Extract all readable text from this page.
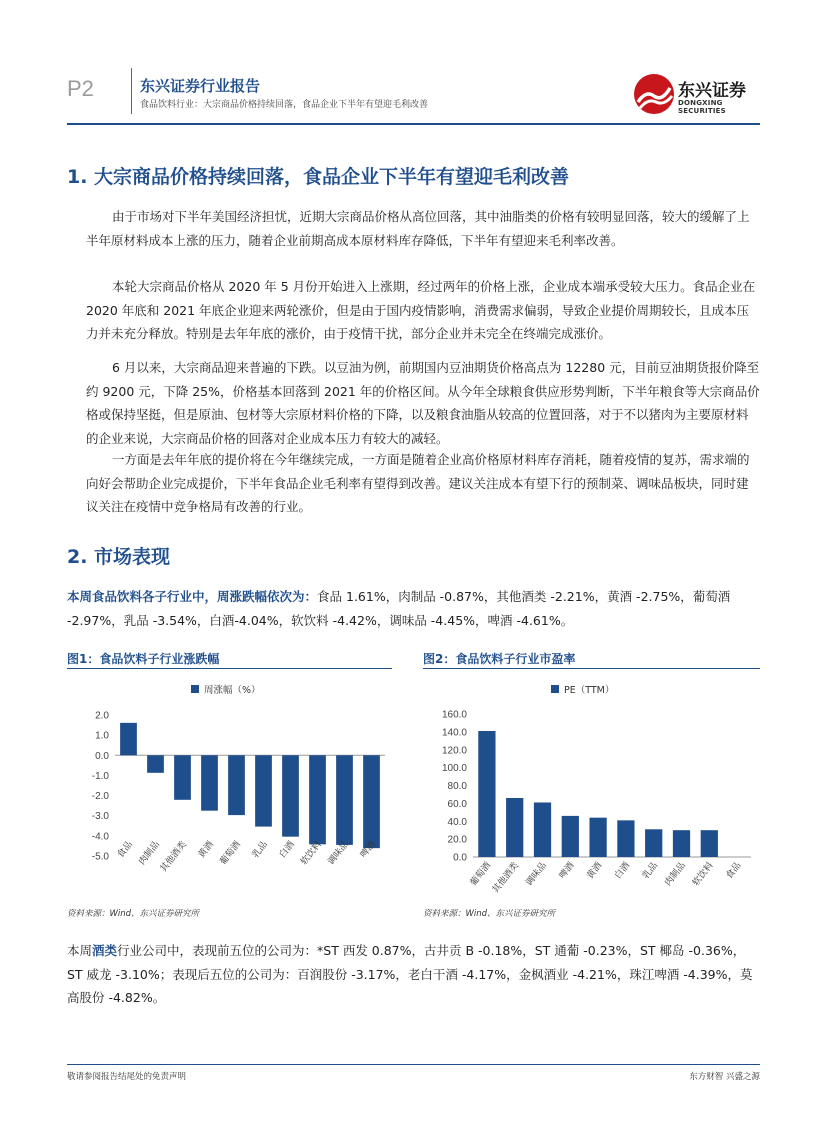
P2	东兴证券行业报告
食品饮料行业：大宗商品价格持续回落，食品企业下半年有望迎毛利改善
东兴证券
DONGXING SECURITIES
1. 大宗商品价格持续回落，食品企业下半年有望迎毛利改善

由于市场对下半年美国经济担忧，近期大宗商品价格从高位回落，其中油脂类的价格有较明显回落，较大的缓解了上半年原材料成本上涨的压力，随着企业前期高成本原材料库存降低，下半年有望迎来毛利率改善。

本轮大宗商品价格从 2020 年 5 月份开始进入上涨期，经过两年的价格上涨，企业成本端承受较大压力。食品企业在 2020 年底和 2021 年底企业迎来两轮涨价，但是由于国内疫情影响，消费需求偏弱，导致企业提价周期较长，且成本压力并未充分释放。特别是去年年底的涨价，由于疫情干扰，部分企业并未完全在终端完成涨价。

6 月以来，大宗商品迎来普遍的下跌。以豆油为例，前期国内豆油期货价格高点为 12280 元，目前豆油期货报价降至约 9200 元，下降 25%，价格基本回落到 2021 年的价格区间。从今年全球粮食供应形势判断，下半年粮食等大宗商品价格或保持坚挺，但是原油、包材等大宗原材料价格的下降，以及粮食油脂从较高的位置回落，对于不以猪肉为主要原材料的企业来说，大宗商品价格的回落对企业成本压力有较大的减轻。

一方面是去年年底的提价将在今年继续完成，一方面是随着企业高价格原材料库存消耗，随着疫情的复苏，需求端的向好会帮助企业完成提价，下半年食品企业毛利率有望得到改善。建议关注成本有望下行的预制菜、调味品板块，同时建议关注在疫情中竞争格局有改善的行业。

2. 市场表现

本周食品饮料各子行业中，周涨跌幅依次为：食品 1.61%，肉制品 -0.87%，其他酒类 -2.21%，黄酒 -2.75%，葡萄酒 -2.97%，乳品 -3.54%，白酒-4.04%，软饮料 -4.42%，调味品 -4.45%，啤酒 -4.61%。

图1：食品饮料子行业涨跌幅
周涨幅（%）
2.0
1.0
0.0
-1.0
-2.0
-3.0
-4.0
-5.0 食品 肉制品
其他酒类 黄酒 葡萄酒 乳品 白酒 软饮料 调味品 啤酒
资料来源：Wind、东兴证券研究所
图2：食品饮料子行业市盈率
PE（TTM）
160.0
140.0
120.0
100.0
80.0
60.0
40.0
20.0
0.0
葡萄酒
其他酒类 调味品 啤酒 黄酒 白酒 乳品 肉制品 软饮料 食品
资料来源：Wind、东兴证券研究所

本周酒类行业公司中，表现前五位的公司为：*ST 西发 0.87%，古井贡 B -0.18%，ST 通葡 -0.23%，ST 椰岛 -0.36%，ST 威龙 -3.10%；表现后五位的公司为：百润股份 -3.17%，老白干酒 -4.17%，金枫酒业 -4.21%，珠江啤酒 -4.39%，莫高股份 -4.82%。

敬请参阅报告结尾处的免责声明	东方财智 兴盛之源
